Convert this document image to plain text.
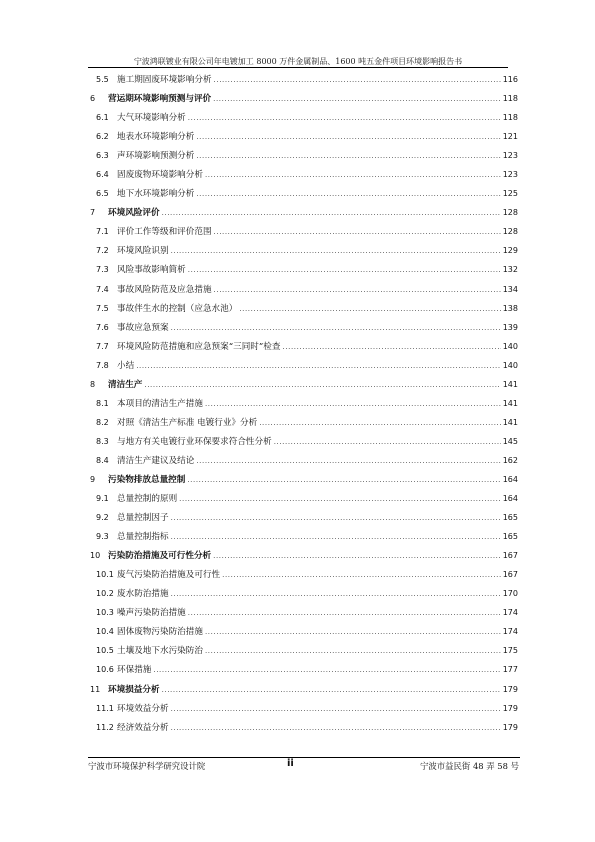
宁波鸿联镀业有限公司年电镀加工 8000 万件金属制品、1600 吨五金件项目环境影响报告书
5.5 施工期固废环境影响分析 .....	116
6	营运期环境影响预测与评价 .....	118
6.1 大气环境影响分析 .....	118
6.2 地表水环境影响分析 .....	121
6.3 声环境影响预测分析 .....	123
6.4 固废废物环境影响分析 .....	123
6.5 地下水环境影响分析 .....	125
7	环境风险评价 .....	128
7.1 评价工作等级和评价范围 .....	128
7.2 环境风险识别 .....	129
7.3 风险事故影响简析 .....	132
7.4 事故风险防范及应急措施 .....	134
7.5 事故伴生水的控制（应急水池） .....	138
7.6 事故应急预案 .....	139
7.7 环境风险防范措施和应急预案“三同时”检查 .....	140
7.8 小结 .....	140
8	清洁生产 .....	141
8.1 本项目的清洁生产措施 .....	141
8.2 对照《清洁生产标准 电镀行业》分析 .....	141
8.3 与地方有关电镀行业环保要求符合性分析 .....	145
8.4 清洁生产建议及结论 .....	162
9	污染物排放总量控制 .....	164
9.1 总量控制的原则 .....	164
9.2 总量控制因子 .....	165
9.3 总量控制指标 .....	165
10 污染防治措施及可行性分析 .....	167
10.1 废气污染防治措施及可行性 .....	167
10.2 废水防治措施 .....	170
10.3 噪声污染防治措施 .....	174
10.4 固体废物污染防治措施 .....	174
10.5 土壤及地下水污染防治 .....	175
10.6 环保措施 .....	177
11 环境损益分析 .....	179
11.1 环境效益分析 .....	179
11.2 经济效益分析 .....	179
宁波市环境保护科学研究设计院	ii	宁波市益民街 48 弄 58 号
